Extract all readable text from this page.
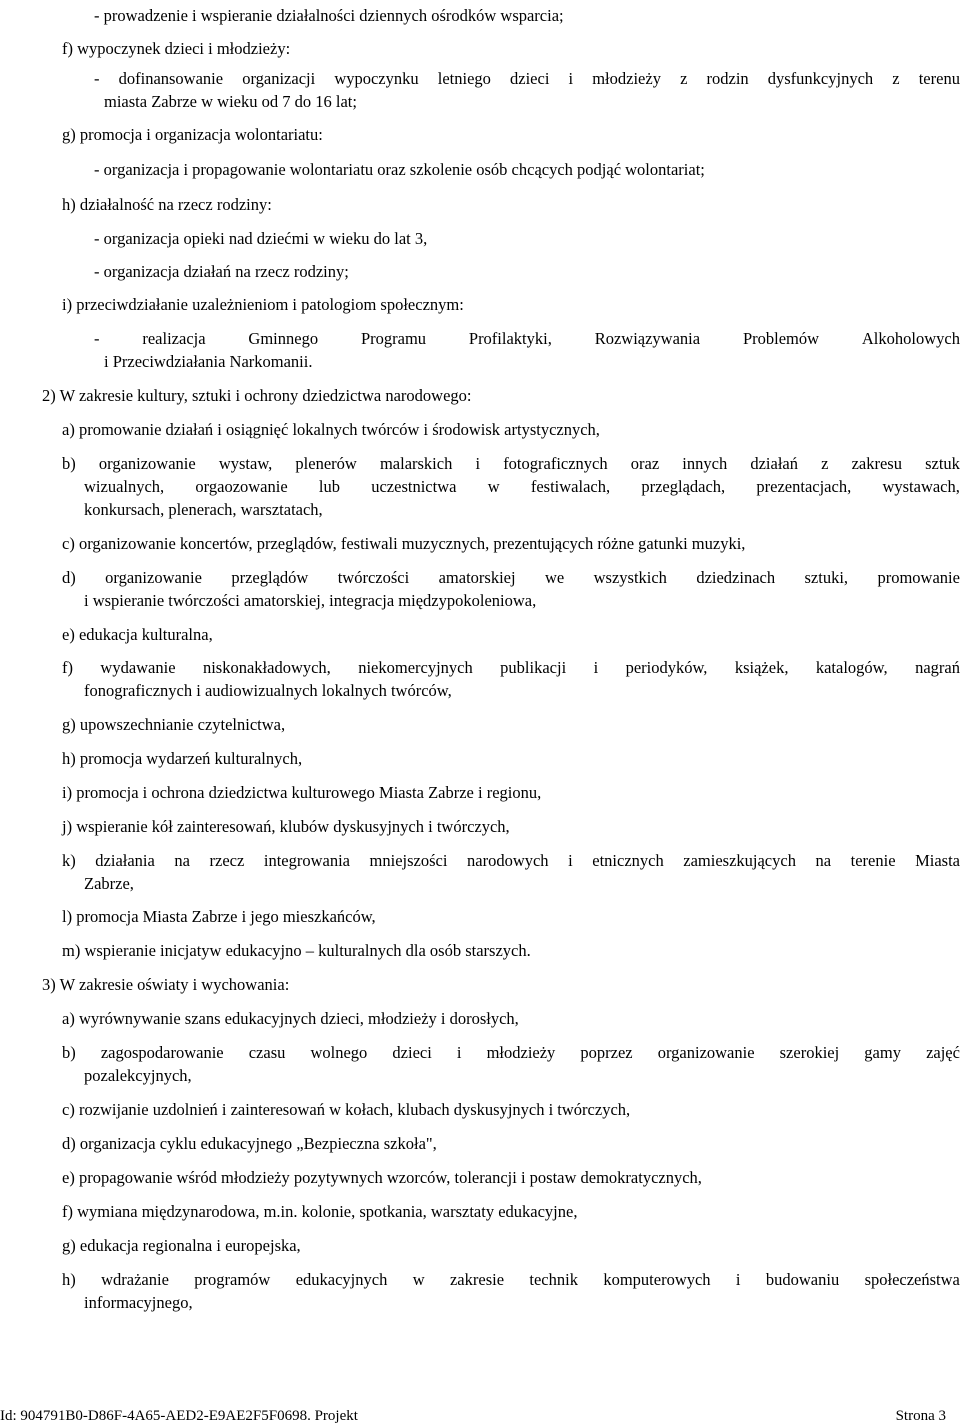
- prowadzenie i wspieranie działalności dziennych ośrodków wsparcia;
f) wypoczynek dzieci i młodzieży:
- dofinansowanie organizacji wypoczynku letniego dzieci i młodzieży z rodzin dysfunkcyjnych z terenu
miasta Zabrze w wieku od 7 do 16 lat;
g) promocja i organizacja wolontariatu:
- organizacja i propagowanie wolontariatu oraz szkolenie osób chcących podjąć wolontariat;
h) działalność na rzecz rodziny:
- organizacja opieki nad dziećmi w wieku do lat 3,
- organizacja działań na rzecz rodziny;
i) przeciwdziałanie uzależnieniom i patologiom społecznym:
-	realizacja	Gminnego	Programu	Profilaktyki,	Rozwiązywania	Problemów	Alkoholowych
i Przeciwdziałania Narkomanii.
2) W zakresie kultury, sztuki i ochrony dziedzictwa narodowego:
a) promowanie działań i osiągnięć lokalnych twórców i środowisk artystycznych,
b) organizowanie wystaw, plenerów malarskich i fotograficznych oraz innych działań z zakresu sztuk
wizualnych, orgaozowanie lub uczestnictwa w festiwalach, przeglądach, prezentacjach, wystawach,
konkursach, plenerach, warsztatach,
c) organizowanie koncertów, przeglądów, festiwali muzycznych, prezentujących różne gatunki muzyki,
d) organizowanie przeglądów twórczości amatorskiej we wszystkich dziedzinach sztuki, promowanie
i wspieranie twórczości amatorskiej, integracja międzypokoleniowa,
e) edukacja kulturalna,
f) wydawanie niskonakładowych, niekomercyjnych publikacji i periodyków, książek, katalogów, nagrań
fonograficznych i audiowizualnych lokalnych twórców,
g) upowszechnianie czytelnictwa,
h) promocja wydarzeń kulturalnych,
i) promocja i ochrona dziedzictwa kulturowego Miasta Zabrze i regionu,
j) wspieranie kół zainteresowań, klubów dyskusyjnych i twórczych,
k) działania na rzecz integrowania mniejszości narodowych i etnicznych zamieszkujących na terenie Miasta
Zabrze,
l) promocja Miasta Zabrze i jego mieszkańców,
m) wspieranie inicjatyw edukacyjno – kulturalnych dla osób starszych.
3) W zakresie oświaty i wychowania:
a) wyrównywanie szans edukacyjnych dzieci, młodzieży i dorosłych,
b) zagospodarowanie czasu wolnego dzieci i młodzieży poprzez organizowanie szerokiej gamy zajęć
pozalekcyjnych,
c) rozwijanie uzdolnień i zainteresowań w kołach, klubach dyskusyjnych i twórczych,
d) organizacja cyklu edukacyjnego „Bezpieczna szkoła",
e) propagowanie wśród młodzieży pozytywnych wzorców, tolerancji i postaw demokratycznych,
f) wymiana międzynarodowa, m.in. kolonie, spotkania, warsztaty edukacyjne,
g) edukacja regionalna i europejska,
h) wdrażanie programów edukacyjnych w zakresie technik komputerowych i budowaniu społeczeństwa
informacyjnego,
Id: 904791B0-D86F-4A65-AED2-E9AE2F5F0698. Projekt	Strona 3
